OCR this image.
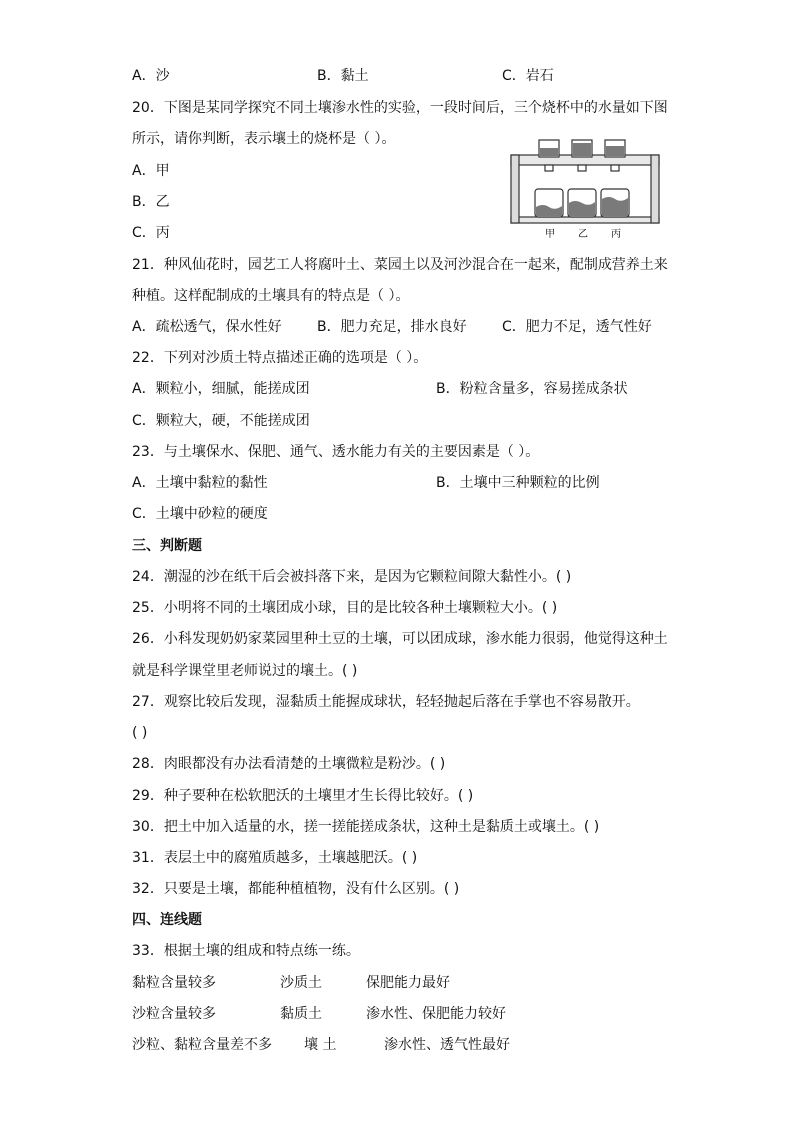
A．沙	B．黏土	C．岩石
20．下图是某同学探究不同土壤渗水性的实验，一段时间后，三个烧杯中的水量如下图
所示，请你判断，表示壤土的烧杯是（ ）。
A．甲
B．乙
C．丙	甲 乙 丙
21．种风仙花时，园艺工人将腐叶土、菜园土以及河沙混合在一起来，配制成营养土来
种植。这样配制成的土壤具有的特点是（ ）。
A．疏松透气，保水性好	B．肥力充足，排水良好	C．肥力不足，透气性好
22．下列对沙质土特点描述正确的选项是（ ）。
A．颗粒小，细腻，能搓成团	B．粉粒含量多，容易搓成条状
C．颗粒大，硬，不能搓成团
23．与土壤保水、保肥、通气、透水能力有关的主要因素是（ ）。
A．土壤中黏粒的黏性	B．土壤中三种颗粒的比例
C．土壤中砂粒的硬度
三、判断题
24．潮湿的沙在纸干后会被抖落下来，是因为它颗粒间隙大黏性小。( )
25．小明将不同的土壤团成小球，目的是比较各种土壤颗粒大小。( )
26．小科发现奶奶家菜园里种土豆的土壤，可以团成球，渗水能力很弱，他觉得这种土
就是科学课堂里老师说过的壤土。( )
27．观察比较后发现，湿黏质土能握成球状，轻轻抛起后落在手掌也不容易散开。
( )
28．肉眼都没有办法看清楚的土壤微粒是粉沙。( )
29．种子要种在松软肥沃的土壤里才生长得比较好。( )
30．把土中加入适量的水，搓一搓能搓成条状，这种土是黏质土或壤土。( )
31．表层土中的腐殖质越多，土壤越肥沃。( )
32．只要是土壤，都能种植植物，没有什么区别。( )
四、连线题
33．根据土壤的组成和特点练一练。
黏粒含量较多	沙质土	保肥能力最好
沙粒含量较多	黏质土	渗水性、保肥能力较好
沙粒、黏粒含量差不多 壤 土	渗水性、透气性最好
